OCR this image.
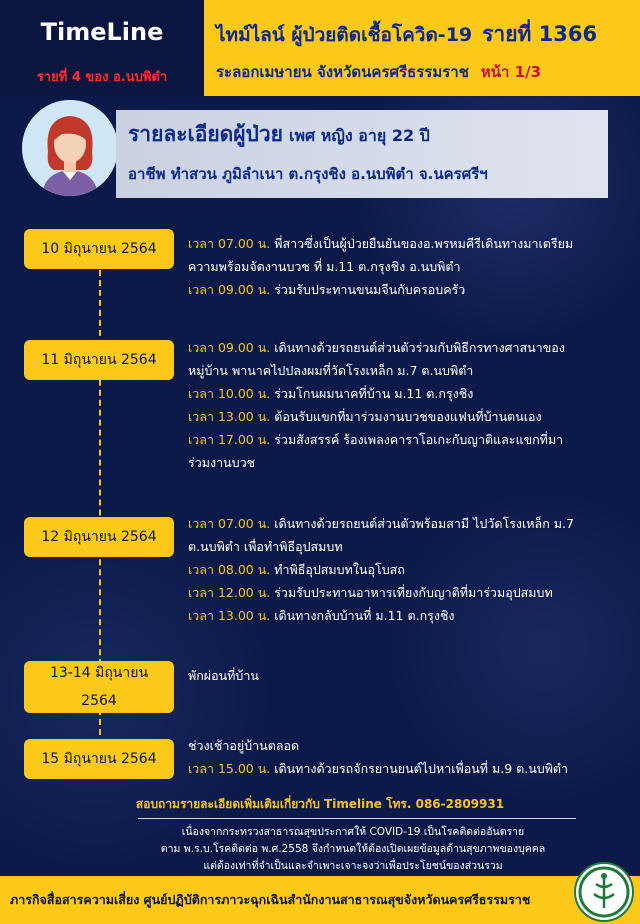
TimeLine
รายที่ 4 ของ อ.นบพิตำ
ไทม์ไลน์ ผู้ป่วยติดเชื้อโควิด-19 รายที่ 1366
ระลอกเมษายน จังหวัดนครศรีธรรมราช หน้า 1/3
รายละเอียดผู้ป่วย เพศ หญิง อายุ 22 ปี
อาชีพ ทำสวน ภูมิลำเนา ต.กรุงชิง อ.นบพิตำ จ.นครศรีฯ
10 มิถุนายน 2564	เวลา 07.00 น. พี่สาวซึ่งเป็นผู้ป่วยยืนยันของอ.พรหมคีรีเดินทางมาเตรียม
ความพร้อมจัดงานบวช ที่ ม.11 ต.กรุงชิง อ.นบพิตำ
เวลา 09.00 น. ร่วมรับประทานขนมจีนกับครอบครัว
11 มิถุนายน 2564
เวลา 09.00 น. เดินทางด้วยรถยนต์ส่วนตัวร่วมกับพิธีกรทางศาสนาของ
หมู่บ้าน พานาคไปปลงผมที่วัดโรงเหล็ก ม.7 ต.นบพิตำ
เวลา 10.00 น. ร่วมโกนผมนาคที่บ้าน ม.11 ต.กรุงชิง
เวลา 13.00 น. ต้อนรับแขกที่มาร่วมงานบวชของแฟนที่บ้านตนเอง
เวลา 17.00 น. ร่วมสังสรรค์ ร้องเพลงคาราโอเกะกับญาติและแขกที่มา
ร่วมงานบวช
12 มิถุนายน 2564
เวลา 07.00 น. เดินทางด้วยรถยนต์ส่วนตัวพร้อมสามี ไปวัดโรงเหล็ก ม.7
ต.นบพิตำ เพื่อทำพิธีอุปสมบท
เวลา 08.00 น. ทำพิธีอุปสมบทในอุโบสถ
เวลา 12.00 น. ร่วมรับประทานอาหารเที่ยงกับญาติที่มาร่วมอุปสมบท
เวลา 13.00 น. เดินทางกลับบ้านที่ ม.11 ต.กรุงชิง
13-14 มิถุนายน 2564
พักผ่อนที่บ้าน
15 มิถุนายน 2564
ช่วงเช้าอยู่บ้านตลอด
เวลา 15.00 น. เดินทางด้วยรถจักรยานยนต์ไปหาเพื่อนที่ ม.9 ต.นบพิตำ
สอบถามรายละเอียดเพิ่มเติมเกี่ยวกับ Timeline โทร. 086-2809931
เนื่องจากกระทรวงสาธารณสุขประกาศให้ COVID-19 เป็นโรคติดต่ออันตราย
ตาม พ.ร.บ.โรคติดต่อ พ.ศ.2558 จึงกำหนดให้ต้องเปิดเผยข้อมูลด้านสุขภาพของบุคคล
แต่ต้องเท่าที่จำเป็นและจำเพาะเจาะจงว่าเพื่อประโยชน์ของส่วนรวม
ภารกิจสื่อสารความเสี่ยง ศูนย์ปฏิบัติการภาวะฉุกเฉินสำนักงานสาธารณสุขจังหวัดนครศรีธรรมราช
